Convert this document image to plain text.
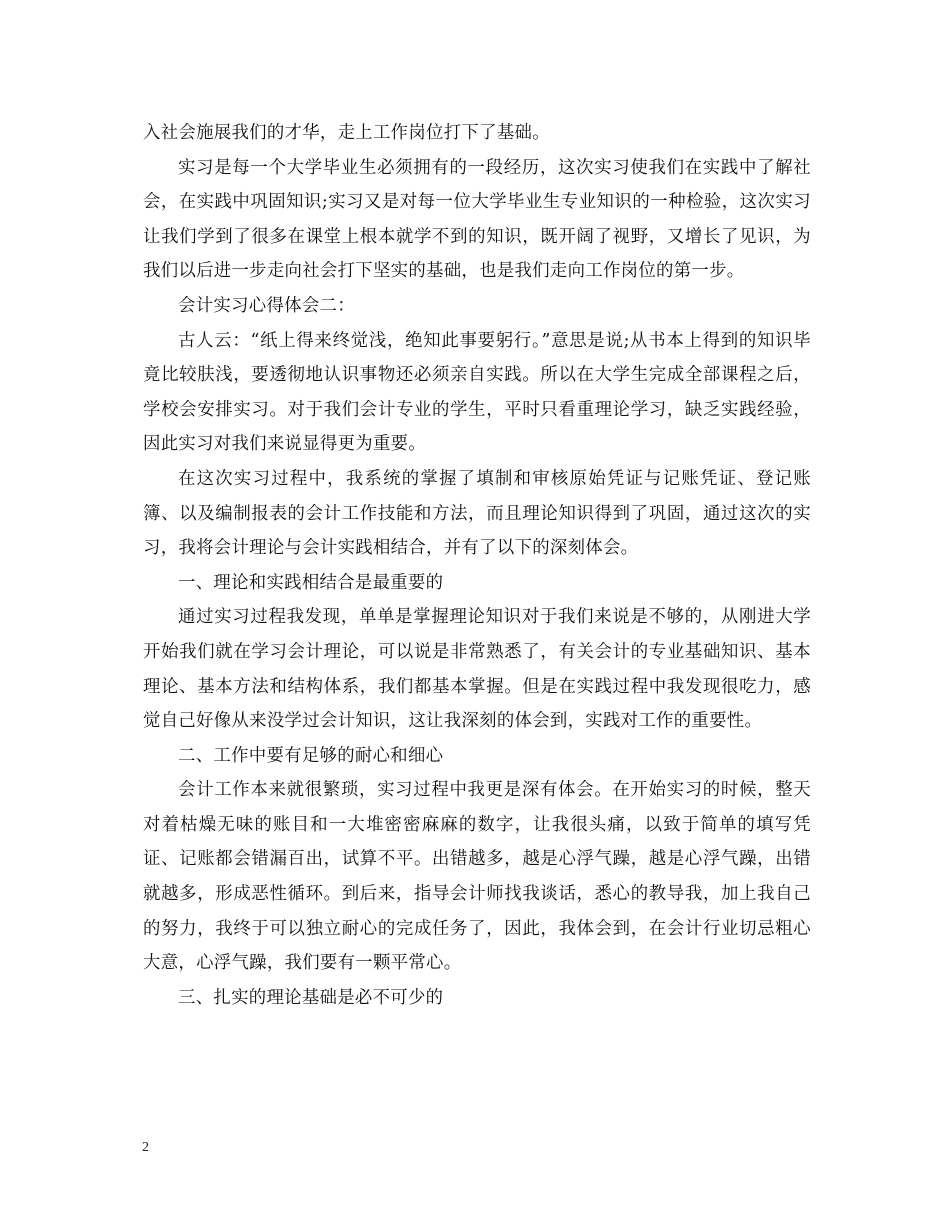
入社会施展我们的才华，走上工作岗位打下了基础。

实习是每一个大学毕业生必须拥有的一段经历，这次实习使我们在实践中了解社会，在实践中巩固知识;实习又是对每一位大学毕业生专业知识的一种检验，这次实习让我们学到了很多在课堂上根本就学不到的知识，既开阔了视野，又增长了见识，为我们以后进一步走向社会打下坚实的基础，也是我们走向工作岗位的第一步。

会计实习心得体会二：

古人云：“纸上得来终觉浅，绝知此事要躬行。”意思是说;从书本上得到的知识毕竟比较肤浅，要透彻地认识事物还必须亲自实践。所以在大学生完成全部课程之后，学校会安排实习。对于我们会计专业的学生，平时只看重理论学习，缺乏实践经验，因此实习对我们来说显得更为重要。

在这次实习过程中，我系统的掌握了填制和审核原始凭证与记账凭证、登记账簿、以及编制报表的会计工作技能和方法，而且理论知识得到了巩固，通过这次的实习，我将会计理论与会计实践相结合，并有了以下的深刻体会。

一、理论和实践相结合是最重要的

通过实习过程我发现，单单是掌握理论知识对于我们来说是不够的，从刚进大学开始我们就在学习会计理论，可以说是非常熟悉了，有关会计的专业基础知识、基本理论、基本方法和结构体系，我们都基本掌握。但是在实践过程中我发现很吃力，感觉自己好像从来没学过会计知识，这让我深刻的体会到，实践对工作的重要性。

二、工作中要有足够的耐心和细心

会计工作本来就很繁琐，实习过程中我更是深有体会。在开始实习的时候，整天对着枯燥无味的账目和一大堆密密麻麻的数字，让我很头痛，以致于简单的填写凭证、记账都会错漏百出，试算不平。出错越多，越是心浮气躁，越是心浮气躁，出错就越多，形成恶性循环。到后来，指导会计师找我谈话，悉心的教导我，加上我自己的努力，我终于可以独立耐心的完成任务了，因此，我体会到，在会计行业切忌粗心大意，心浮气躁，我们要有一颗平常心。

三、扎实的理论基础是必不可少的

2
